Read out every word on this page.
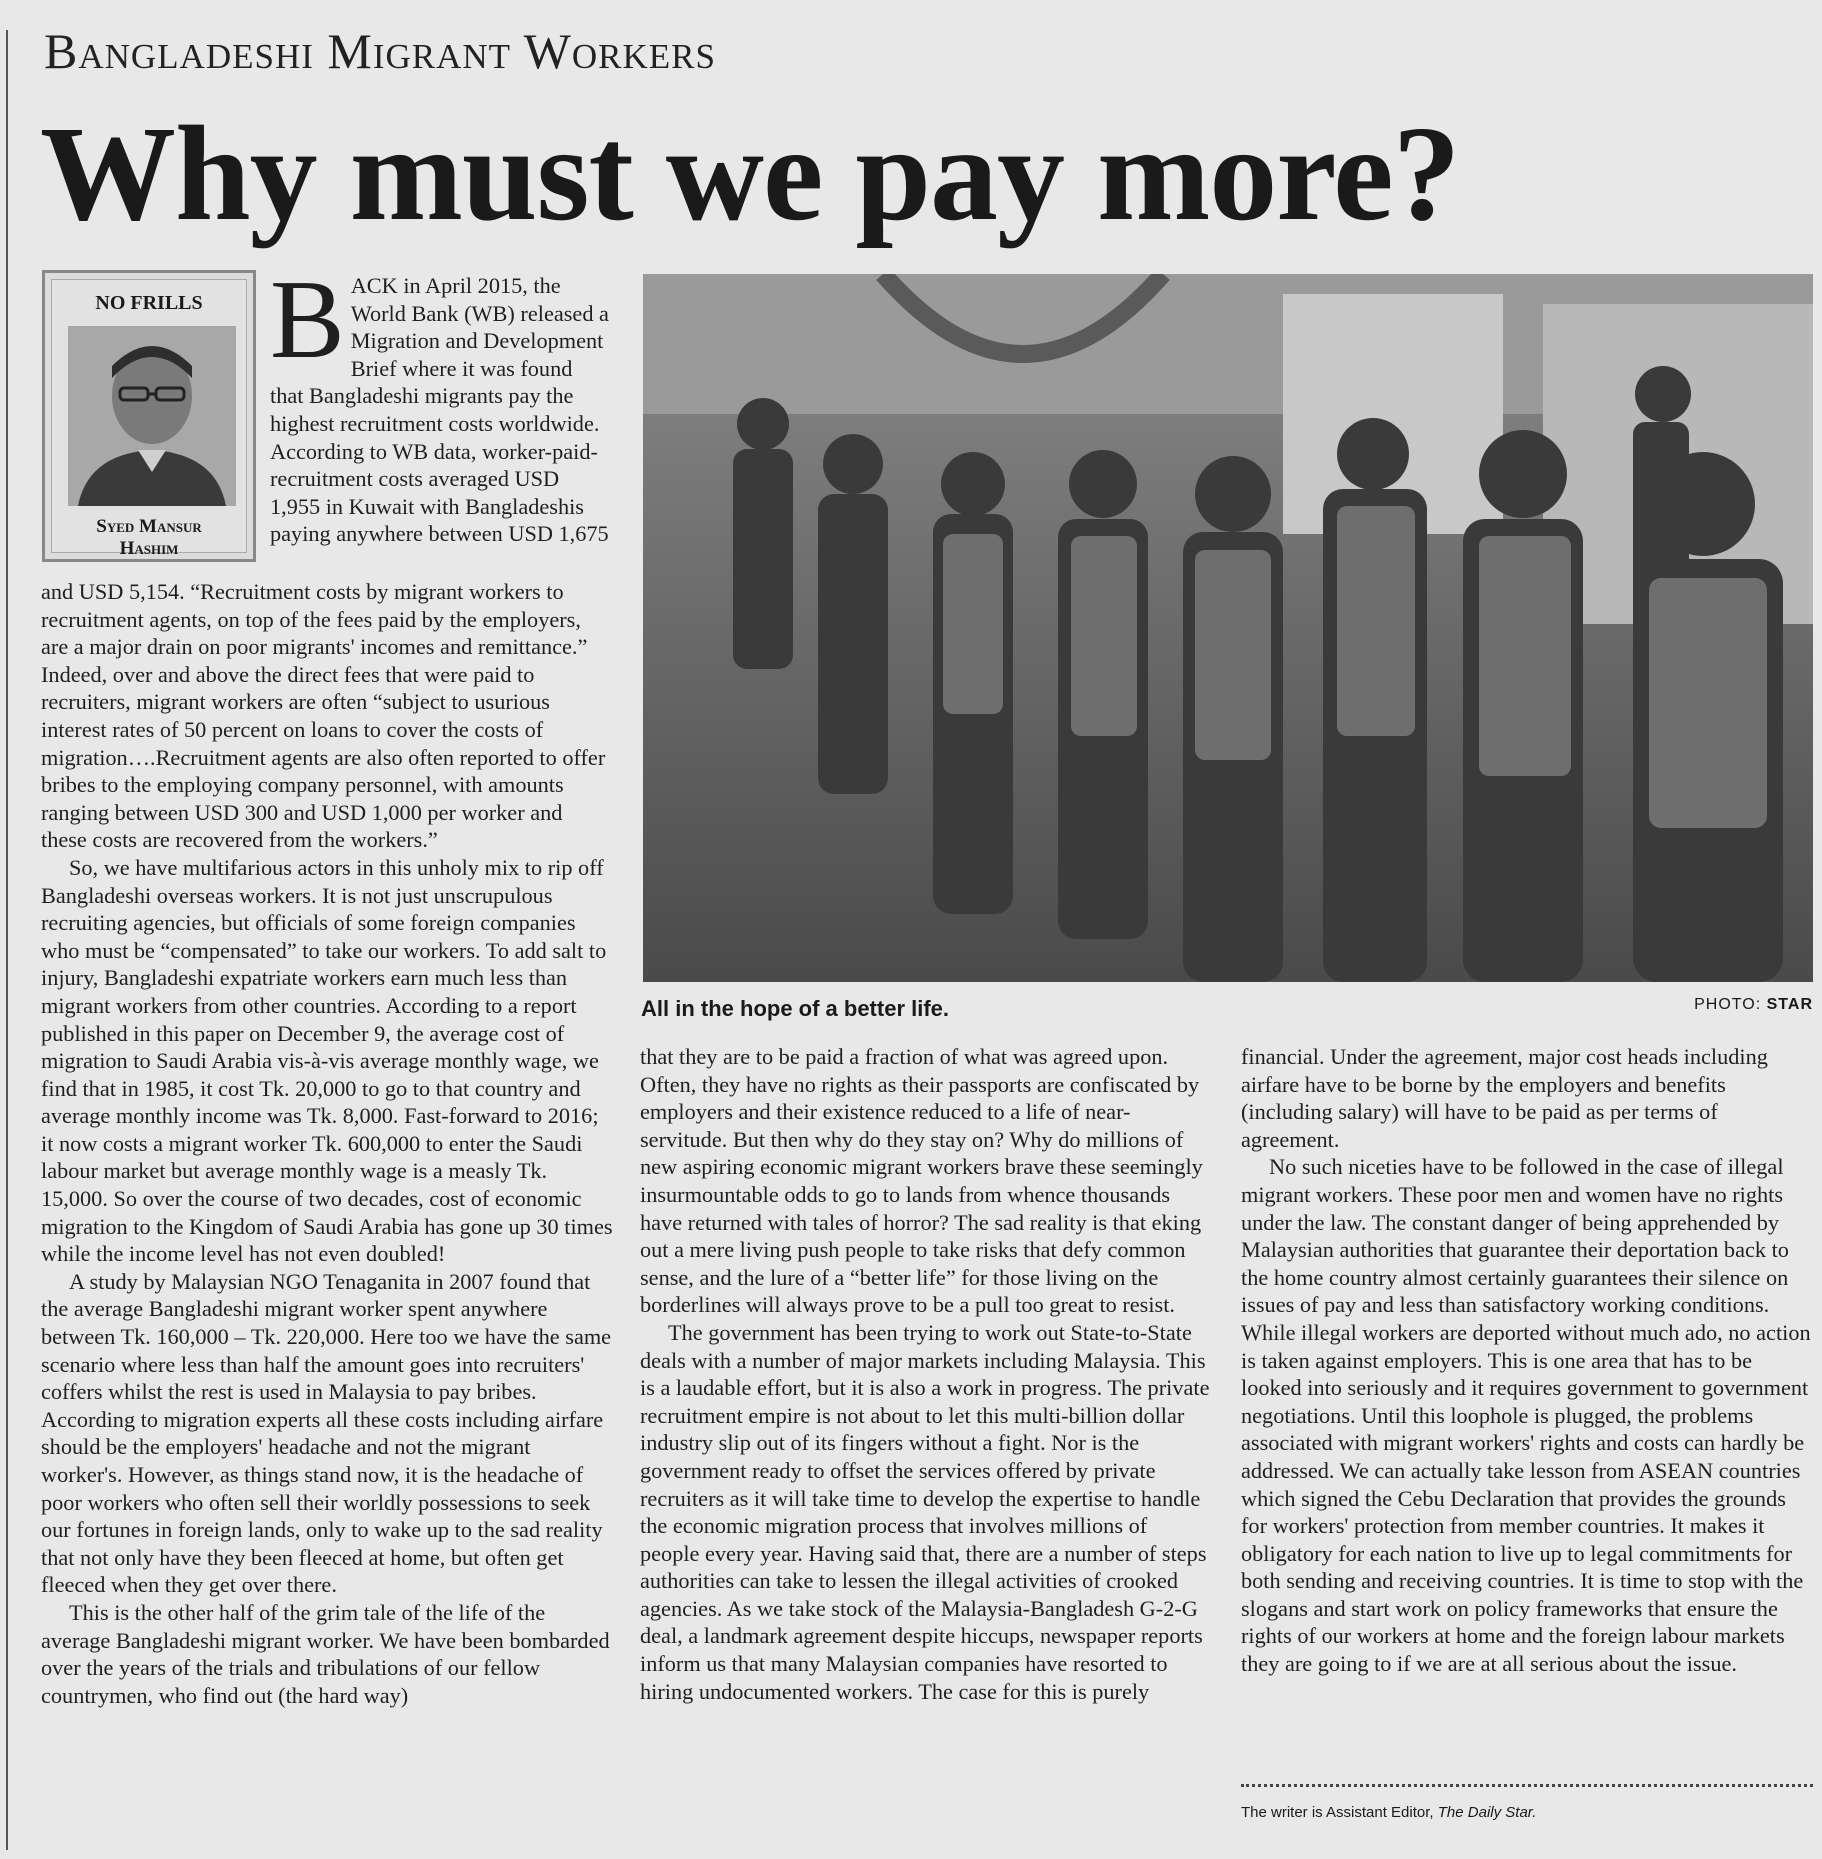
Bangladeshi Migrant Workers
Why must we pay more?
NO FRILLS
Syed Mansur
Hashim
B ACK in April 2015, the World Bank (WB) released a Migration and Development Brief where it was found that Bangladeshi migrants pay the highest recruitment costs worldwide. According to WB data, worker-paid-recruitment costs averaged USD 1,955 in Kuwait with Bangladeshis paying anywhere between USD 1,675

and USD 5,154. “Recruitment costs by migrant workers to recruitment agents, on top of the fees paid by the employers, are a major drain on poor migrants' incomes and remittance.” Indeed, over and above the direct fees that were paid to recruiters, migrant workers are often “subject to usurious interest rates of 50 percent on loans to cover the costs of migration….Recruitment agents are also often reported to offer bribes to the employing company personnel, with amounts ranging between USD 300 and USD 1,000 per worker and these costs are recovered from the workers.”

So, we have multifarious actors in this unholy mix to rip off Bangladeshi overseas workers. It is not just unscrupulous recruiting agencies, but officials of some foreign companies who must be “compensated” to take our workers. To add salt to injury, Bangladeshi expatriate workers earn much less than migrant workers from other countries. According to a report published in this paper on December 9, the average cost of migration to Saudi Arabia vis-à-vis average monthly wage, we find that in 1985, it cost Tk. 20,000 to go to that country and average monthly income was Tk. 8,000. Fast-forward to 2016; it now costs a migrant worker Tk. 600,000 to enter the Saudi labour market but average monthly wage is a measly Tk. 15,000. So over the course of two decades, cost of economic migration to the Kingdom of Saudi Arabia has gone up 30 times while the income level has not even doubled!

A study by Malaysian NGO Tenaganita in 2007 found that the average Bangladeshi migrant worker spent anywhere between Tk. 160,000 – Tk. 220,000. Here too we have the same scenario where less than half the amount goes into recruiters' coffers whilst the rest is used in Malaysia to pay bribes. According to migration experts all these costs including airfare should be the employers' headache and not the migrant worker's. However, as things stand now, it is the headache of poor workers who often sell their worldly possessions to seek our fortunes in foreign lands, only to wake up to the sad reality that not only have they been fleeced at home, but often get fleeced when they get over there.

This is the other half of the grim tale of the life of the average Bangladeshi migrant worker. We have been bombarded over the years of the trials and tribulations of our fellow countrymen, who find out (the hard way)

All in the hope of a better life.	PHOTO: STAR

that they are to be paid a fraction of what was agreed upon. Often, they have no rights as their passports are confiscated by employers and their existence reduced to a life of near-servitude. But then why do they stay on? Why do millions of new aspiring economic migrant workers brave these seemingly insurmountable odds to go to lands from whence thousands have returned with tales of horror? The sad reality is that eking out a mere living push people to take risks that defy common sense, and the lure of a “better life” for those living on the borderlines will always prove to be a pull too great to resist.

The government has been trying to work out State-to-State deals with a number of major markets including Malaysia. This is a laudable effort, but it is also a work in progress. The private recruitment empire is not about to let this multi-billion dollar industry slip out of its fingers without a fight. Nor is the government ready to offset the services offered by private recruiters as it will take time to develop the expertise to handle the economic migration process that involves millions of people every year. Having said that, there are a number of steps authorities can take to lessen the illegal activities of crooked agencies. As we take stock of the Malaysia-Bangladesh G-2-G deal, a landmark agreement despite hiccups, newspaper reports inform us that many Malaysian companies have resorted to hiring undocumented workers. The case for this is purely

financial. Under the agreement, major cost heads including airfare have to be borne by the employers and benefits (including salary) will have to be paid as per terms of agreement.

No such niceties have to be followed in the case of illegal migrant workers. These poor men and women have no rights under the law. The constant danger of being apprehended by Malaysian authorities that guarantee their deportation back to the home country almost certainly guarantees their silence on issues of pay and less than satisfactory working conditions. While illegal workers are deported without much ado, no action is taken against employers. This is one area that has to be looked into seriously and it requires government to government negotiations. Until this loophole is plugged, the problems associated with migrant workers' rights and costs can hardly be addressed. We can actually take lesson from ASEAN countries which signed the Cebu Declaration that provides the grounds for workers' protection from member countries. It makes it obligatory for each nation to live up to legal commitments for both sending and receiving countries. It is time to stop with the slogans and start work on policy frameworks that ensure the rights of our workers at home and the foreign labour markets they are going to if we are at all serious about the issue.

The writer is Assistant Editor, The Daily Star.
